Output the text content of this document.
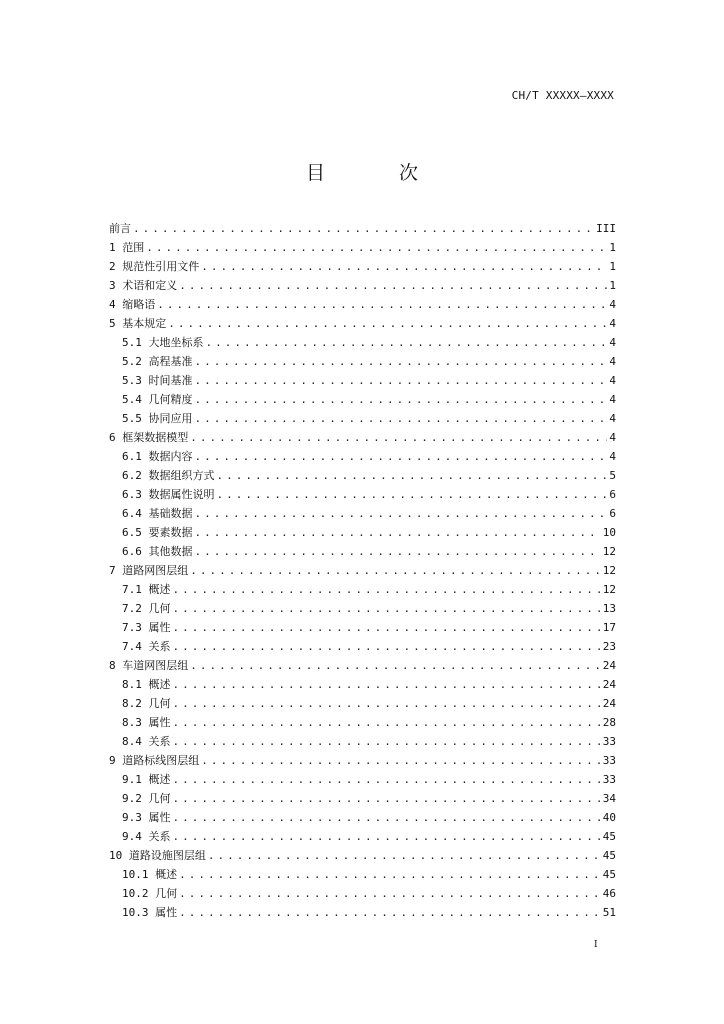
CH/T XXXXX—XXXX
目 次
前言 .....	III
1 范围 .....	1
2 规范性引用文件 .....	1
3 术语和定义 .....	1
4 缩略语 .....	4
5 基本规定 .....	4
5.1 大地坐标系 .....	4
5.2 高程基准 .....	4
5.3 时间基准 .....	4
5.4 几何精度 .....	4
5.5 协同应用 .....	4
6 框架数据模型 .....	4
6.1 数据内容 .....	4
6.2 数据组织方式 .....	5
6.3 数据属性说明 .....	6
6.4 基础数据 .....	6
6.5 要素数据 .....	10
6.6 其他数据 .....	12
7 道路网图层组 .....	12
7.1 概述 .....	12
7.2 几何 .....	13
7.3 属性 .....	17
7.4 关系 .....	23
8 车道网图层组 .....	24
8.1 概述 .....	24
8.2 几何 .....	24
8.3 属性 .....	28
8.4 关系 .....	33
9 道路标线图层组 .....	33
9.1 概述 .....	33
9.2 几何 .....	34
9.3 属性 .....	40
9.4 关系 .....	45
10 道路设施图层组 .....	45
10.1 概述 .....	45
10.2 几何 .....	46
10.3 属性 .....	51
I
